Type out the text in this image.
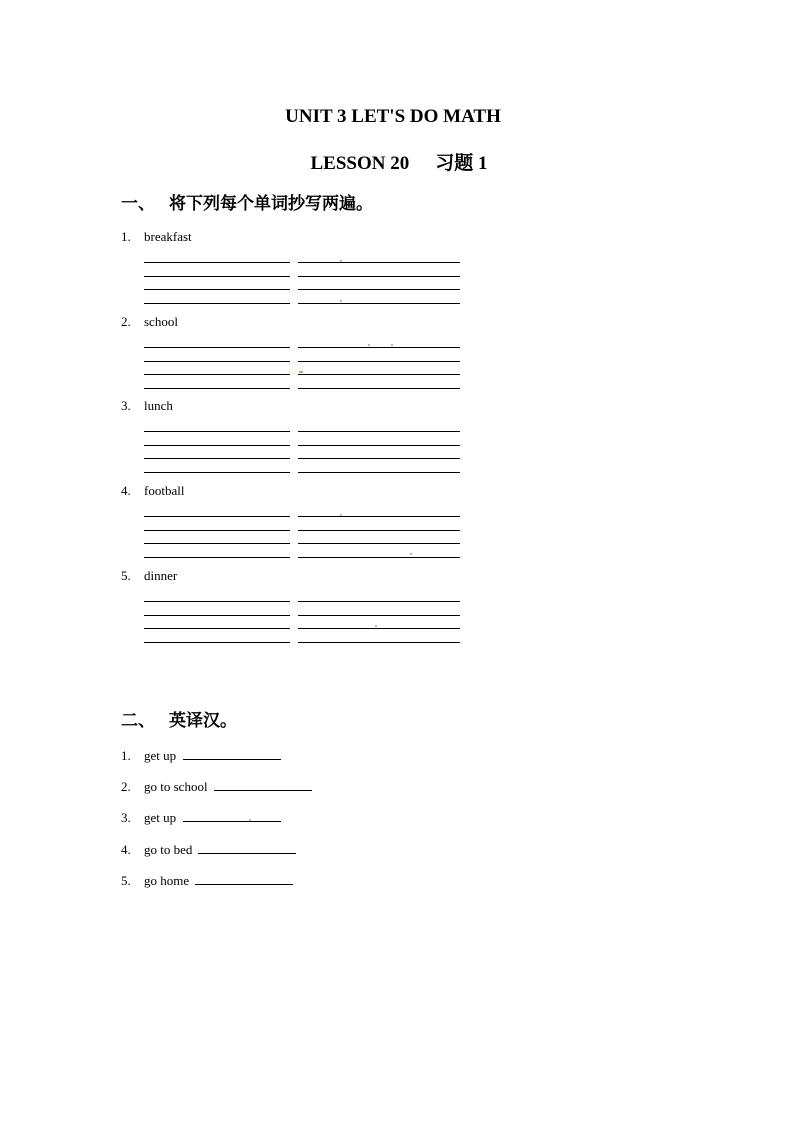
UNIT 3 LET'S DO MATH
LESSON 20 习题 1
一、 将下列每个单词抄写两遍。
1. breakfast
2. school
3. lunch
4. football
5. dinner
二、 英译汉。
1.	get up
2.	go to school
3.	get up
4.	go to bed
5.	go home
